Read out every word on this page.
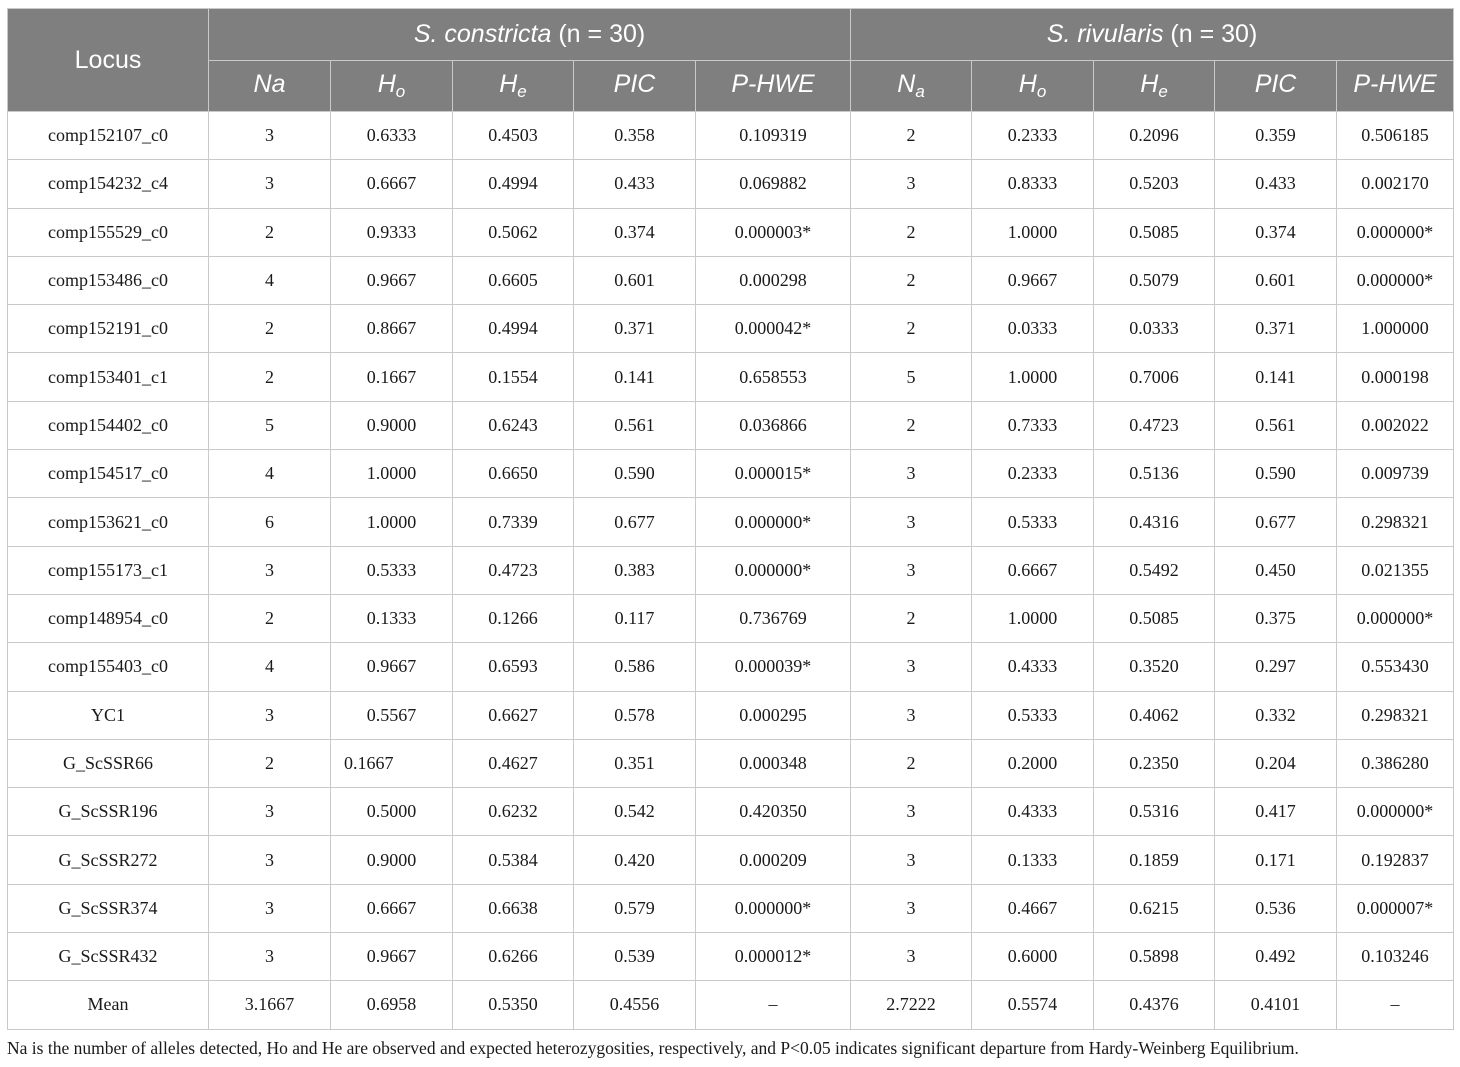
Locus	S. constricta (n = 30)					S. rivularis (n = 30)				
	Na	$H_o$	$H_e$	PIC	P-HWE	$N_a$	$H_o$	$H_e$	PIC	P-HWE
comp152107_c0	3	0.6333	0.4503	0.358	0.109319	2	0.2333	0.2096	0.359	0.506185
comp154232_c4	3	0.6667	0.4994	0.433	0.069882	3	0.8333	0.5203	0.433	0.002170
comp155529_c0	2	0.9333	0.5062	0.374	0.000003*	2	1.0000	0.5085	0.374	0.000000*
comp153486_c0	4	0.9667	0.6605	0.601	0.000298	2	0.9667	0.5079	0.601	0.000000*
comp152191_c0	2	0.8667	0.4994	0.371	0.000042*	2	0.0333	0.0333	0.371	1.000000
comp153401_c1	2	0.1667	0.1554	0.141	0.658553	5	1.0000	0.7006	0.141	0.000198
comp154402_c0	5	0.9000	0.6243	0.561	0.036866	2	0.7333	0.4723	0.561	0.002022
comp154517_c0	4	1.0000	0.6650	0.590	0.000015*	3	0.2333	0.5136	0.590	0.009739
comp153621_c0	6	1.0000	0.7339	0.677	0.000000*	3	0.5333	0.4316	0.677	0.298321
comp155173_c1	3	0.5333	0.4723	0.383	0.000000*	3	0.6667	0.5492	0.450	0.021355
comp148954_c0	2	0.1333	0.1266	0.117	0.736769	2	1.0000	0.5085	0.375	0.000000*
comp155403_c0	4	0.9667	0.6593	0.586	0.000039*	3	0.4333	0.3520	0.297	0.553430
YC1	3	0.5567	0.6627	0.578	0.000295	3	0.5333	0.4062	0.332	0.298321
G_ScSSR66	2	0.1667	0.4627	0.351	0.000348	2	0.2000	0.2350	0.204	0.386280
G_ScSSR196	3	0.5000	0.6232	0.542	0.420350	3	0.4333	0.5316	0.417	0.000000*
G_ScSSR272	3	0.9000	0.5384	0.420	0.000209	3	0.1333	0.1859	0.171	0.192837
G_ScSSR374	3	0.6667	0.6638	0.579	0.000000*	3	0.4667	0.6215	0.536	0.000007*
G_ScSSR432	3	0.9667	0.6266	0.539	0.000012*	3	0.6000	0.5898	0.492	0.103246
Mean	3.1667	0.6958	0.5350	0.4556	–	2.7222	0.5574	0.4376	0.4101	–

Na is the number of alleles detected, Ho and He are observed and expected heterozygosities, respectively, and P<0.05 indicates significant departure from Hardy-Weinberg Equilibrium.
